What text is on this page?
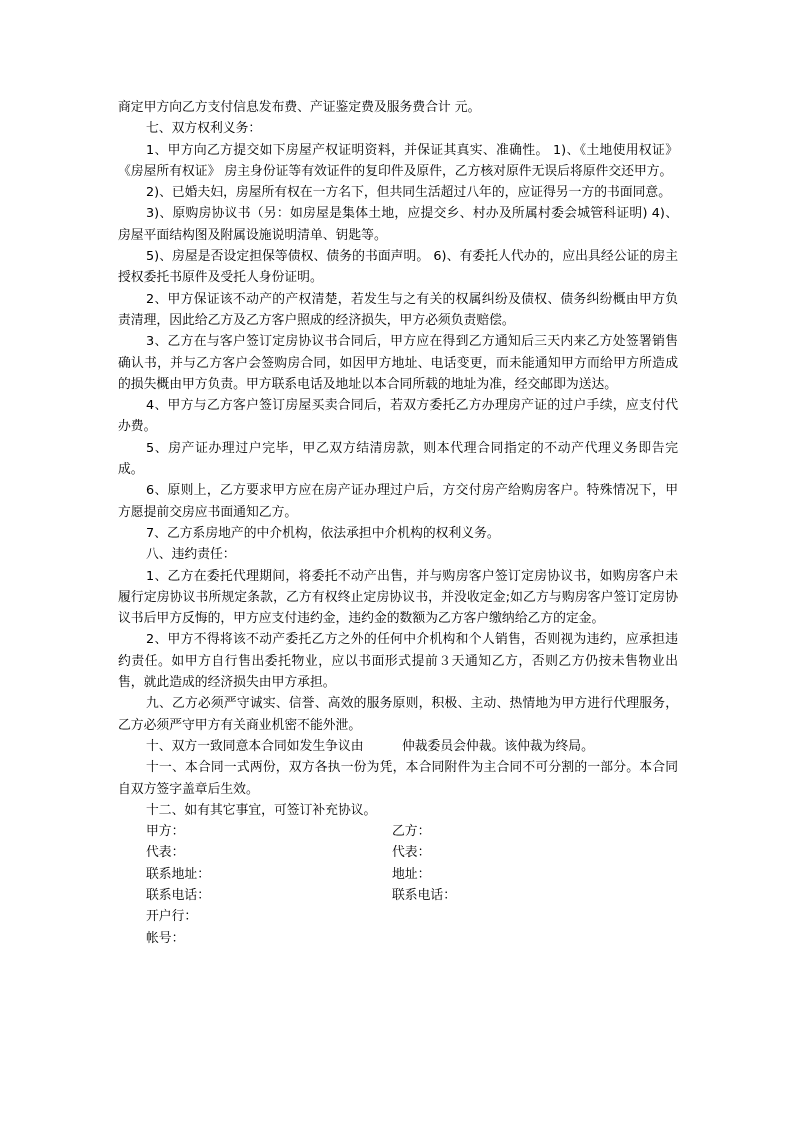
商定甲方向乙方支付信息发布费、产证鉴定费及服务费合计 元。

七、双方权利义务：

1、甲方向乙方提交如下房屋产权证明资料，并保证其真实、准确性。 1)、《土地使用权证》《房屋所有权证》 房主身份证等有效证件的复印件及原件，乙方核对原件无误后将原件交还甲方。

2)、已婚夫妇，房屋所有权在一方名下，但共同生活超过八年的，应证得另一方的书面同意。

3)、原购房协议书（另：如房屋是集体土地，应提交乡、村办及所属村委会城管科证明) 4)、房屋平面结构图及附属设施说明清单、钥匙等。

5)、房屋是否设定担保等债权、债务的书面声明。 6)、有委托人代办的，应出具经公证的房主授权委托书原件及受托人身份证明。

2、甲方保证该不动产的产权清楚，若发生与之有关的权属纠纷及债权、债务纠纷概由甲方负责清理，因此给乙方及乙方客户照成的经济损失，甲方必须负责赔偿。

3、乙方在与客户签订定房协议书合同后，甲方应在得到乙方通知后三天内来乙方处签署销售确认书，并与乙方客户会签购房合同，如因甲方地址、电话变更，而未能通知甲方而给甲方所造成的损失概由甲方负责。甲方联系电话及地址以本合同所载的地址为准，经交邮即为送达。

4、甲方与乙方客户签订房屋买卖合同后，若双方委托乙方办理房产证的过户手续，应支付代办费。

5、房产证办理过户完毕，甲乙双方结清房款，则本代理合同指定的不动产代理义务即告完成。

6、原则上，乙方要求甲方应在房产证办理过户后，方交付房产给购房客户。特殊情况下，甲方愿提前交房应书面通知乙方。

7、乙方系房地产的中介机构，依法承担中介机构的权利义务。

八、违约责任：

1、乙方在委托代理期间，将委托不动产出售，并与购房客户签订定房协议书，如购房客户未履行定房协议书所规定条款，乙方有权终止定房协议书，并没收定金;如乙方与购房客户签订定房协议书后甲方反悔的，甲方应支付违约金，违约金的数额为乙方客户缴纳给乙方的定金。

2、甲方不得将该不动产委托乙方之外的任何中介机构和个人销售，否则视为违约，应承担违约责任。如甲方自行售出委托物业，应以书面形式提前３天通知乙方，否则乙方仍按未售物业出售，就此造成的经济损失由甲方承担。

九、乙方必须严守诚实、信誉、高效的服务原则，积极、主动、热情地为甲方进行代理服务，乙方必须严守甲方有关商业机密不能外泄。

十、双方一致同意本合同如发生争议由　　　仲裁委员会仲裁。该仲裁为终局。

十一、本合同一式两份，双方各执一份为凭，本合同附件为主合同不可分割的一部分。本合同自双方签字盖章后生效。

十二、如有其它事宜，可签订补充协议。

甲方：	乙方：
代表：	代表：
联系地址：	地址：
联系电话：	联系电话：
开户行：
帐号：
